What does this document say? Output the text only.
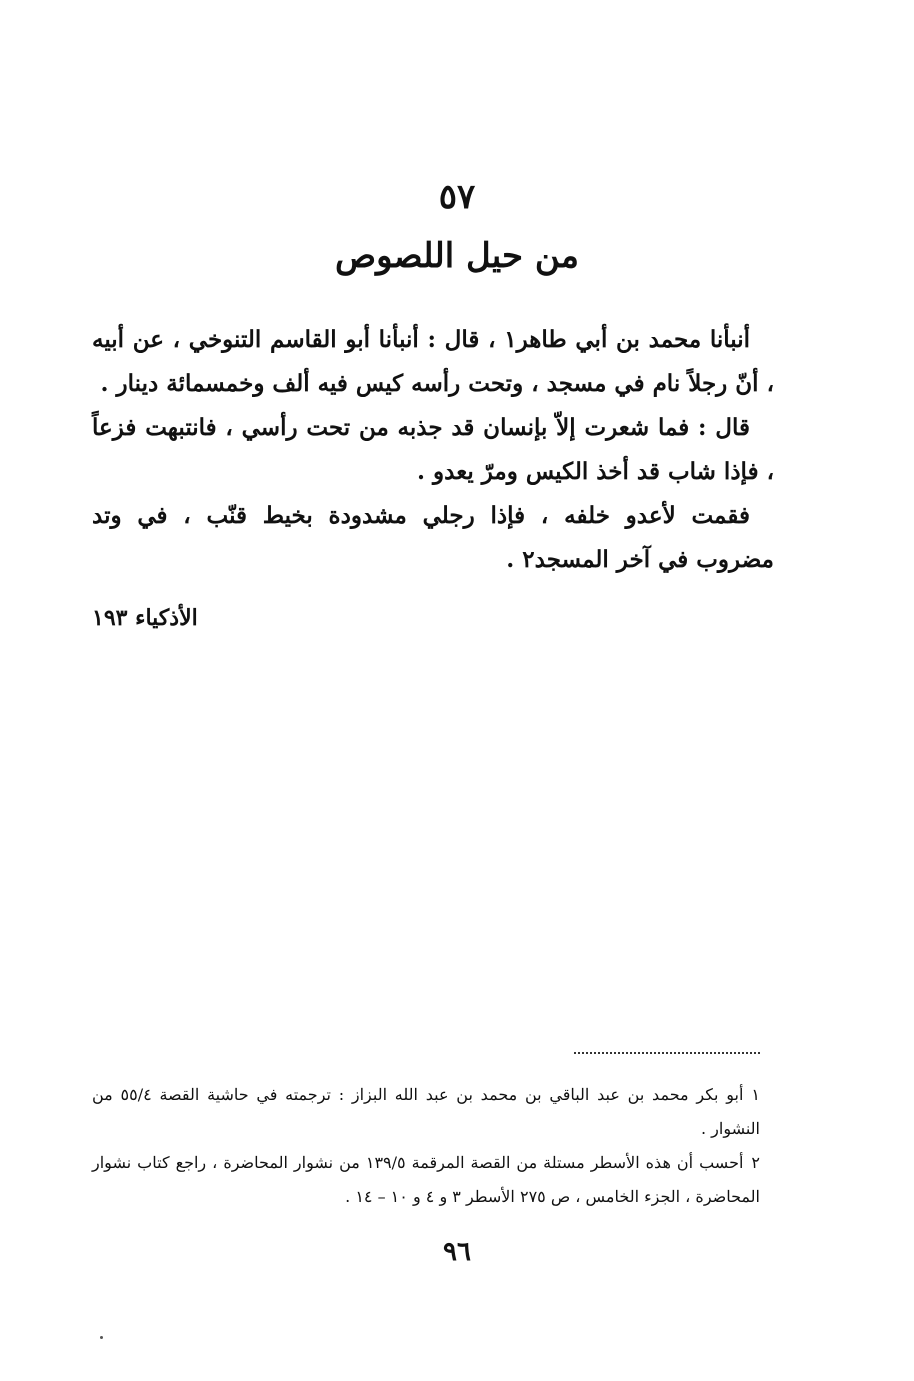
٥٧
من حيل اللصوص

أنبأنا محمد بن أبي طاهر١ ، قال : أنبأنا أبو القاسم التنوخي ، عن أبيه ، أنّ رجلاً نام في مسجد ، وتحت رأسه كيس فيه ألف وخمسمائة دينار .

قال : فما شعرت إلاّ بإنسان قد جذبه من تحت رأسي ، فانتبهت فزعاً ، فإذا شاب قد أخذ الكيس ومرّ يعدو .

فقمت لأعدو خلفه ، فإذا رجلي مشدودة بخيط قنّب ، في وتد مضروب في آخر المسجد٢ .

الأذكياء ١٩٣

١أبو بكر محمد بن عبد الباقي بن محمد بن عبد الله البزاز : ترجمته في حاشية القصة ٥٥/٤ من النشوار .

٢أحسب أن هذه الأسطر مستلة من القصة المرقمة ١٣٩/٥ من نشوار المحاضرة ، راجع كتاب نشوار المحاضرة ، الجزء الخامس ، ص ٢٧٥ الأسطر ٣ و ٤ و ١٠ – ١٤ .

٩٦
